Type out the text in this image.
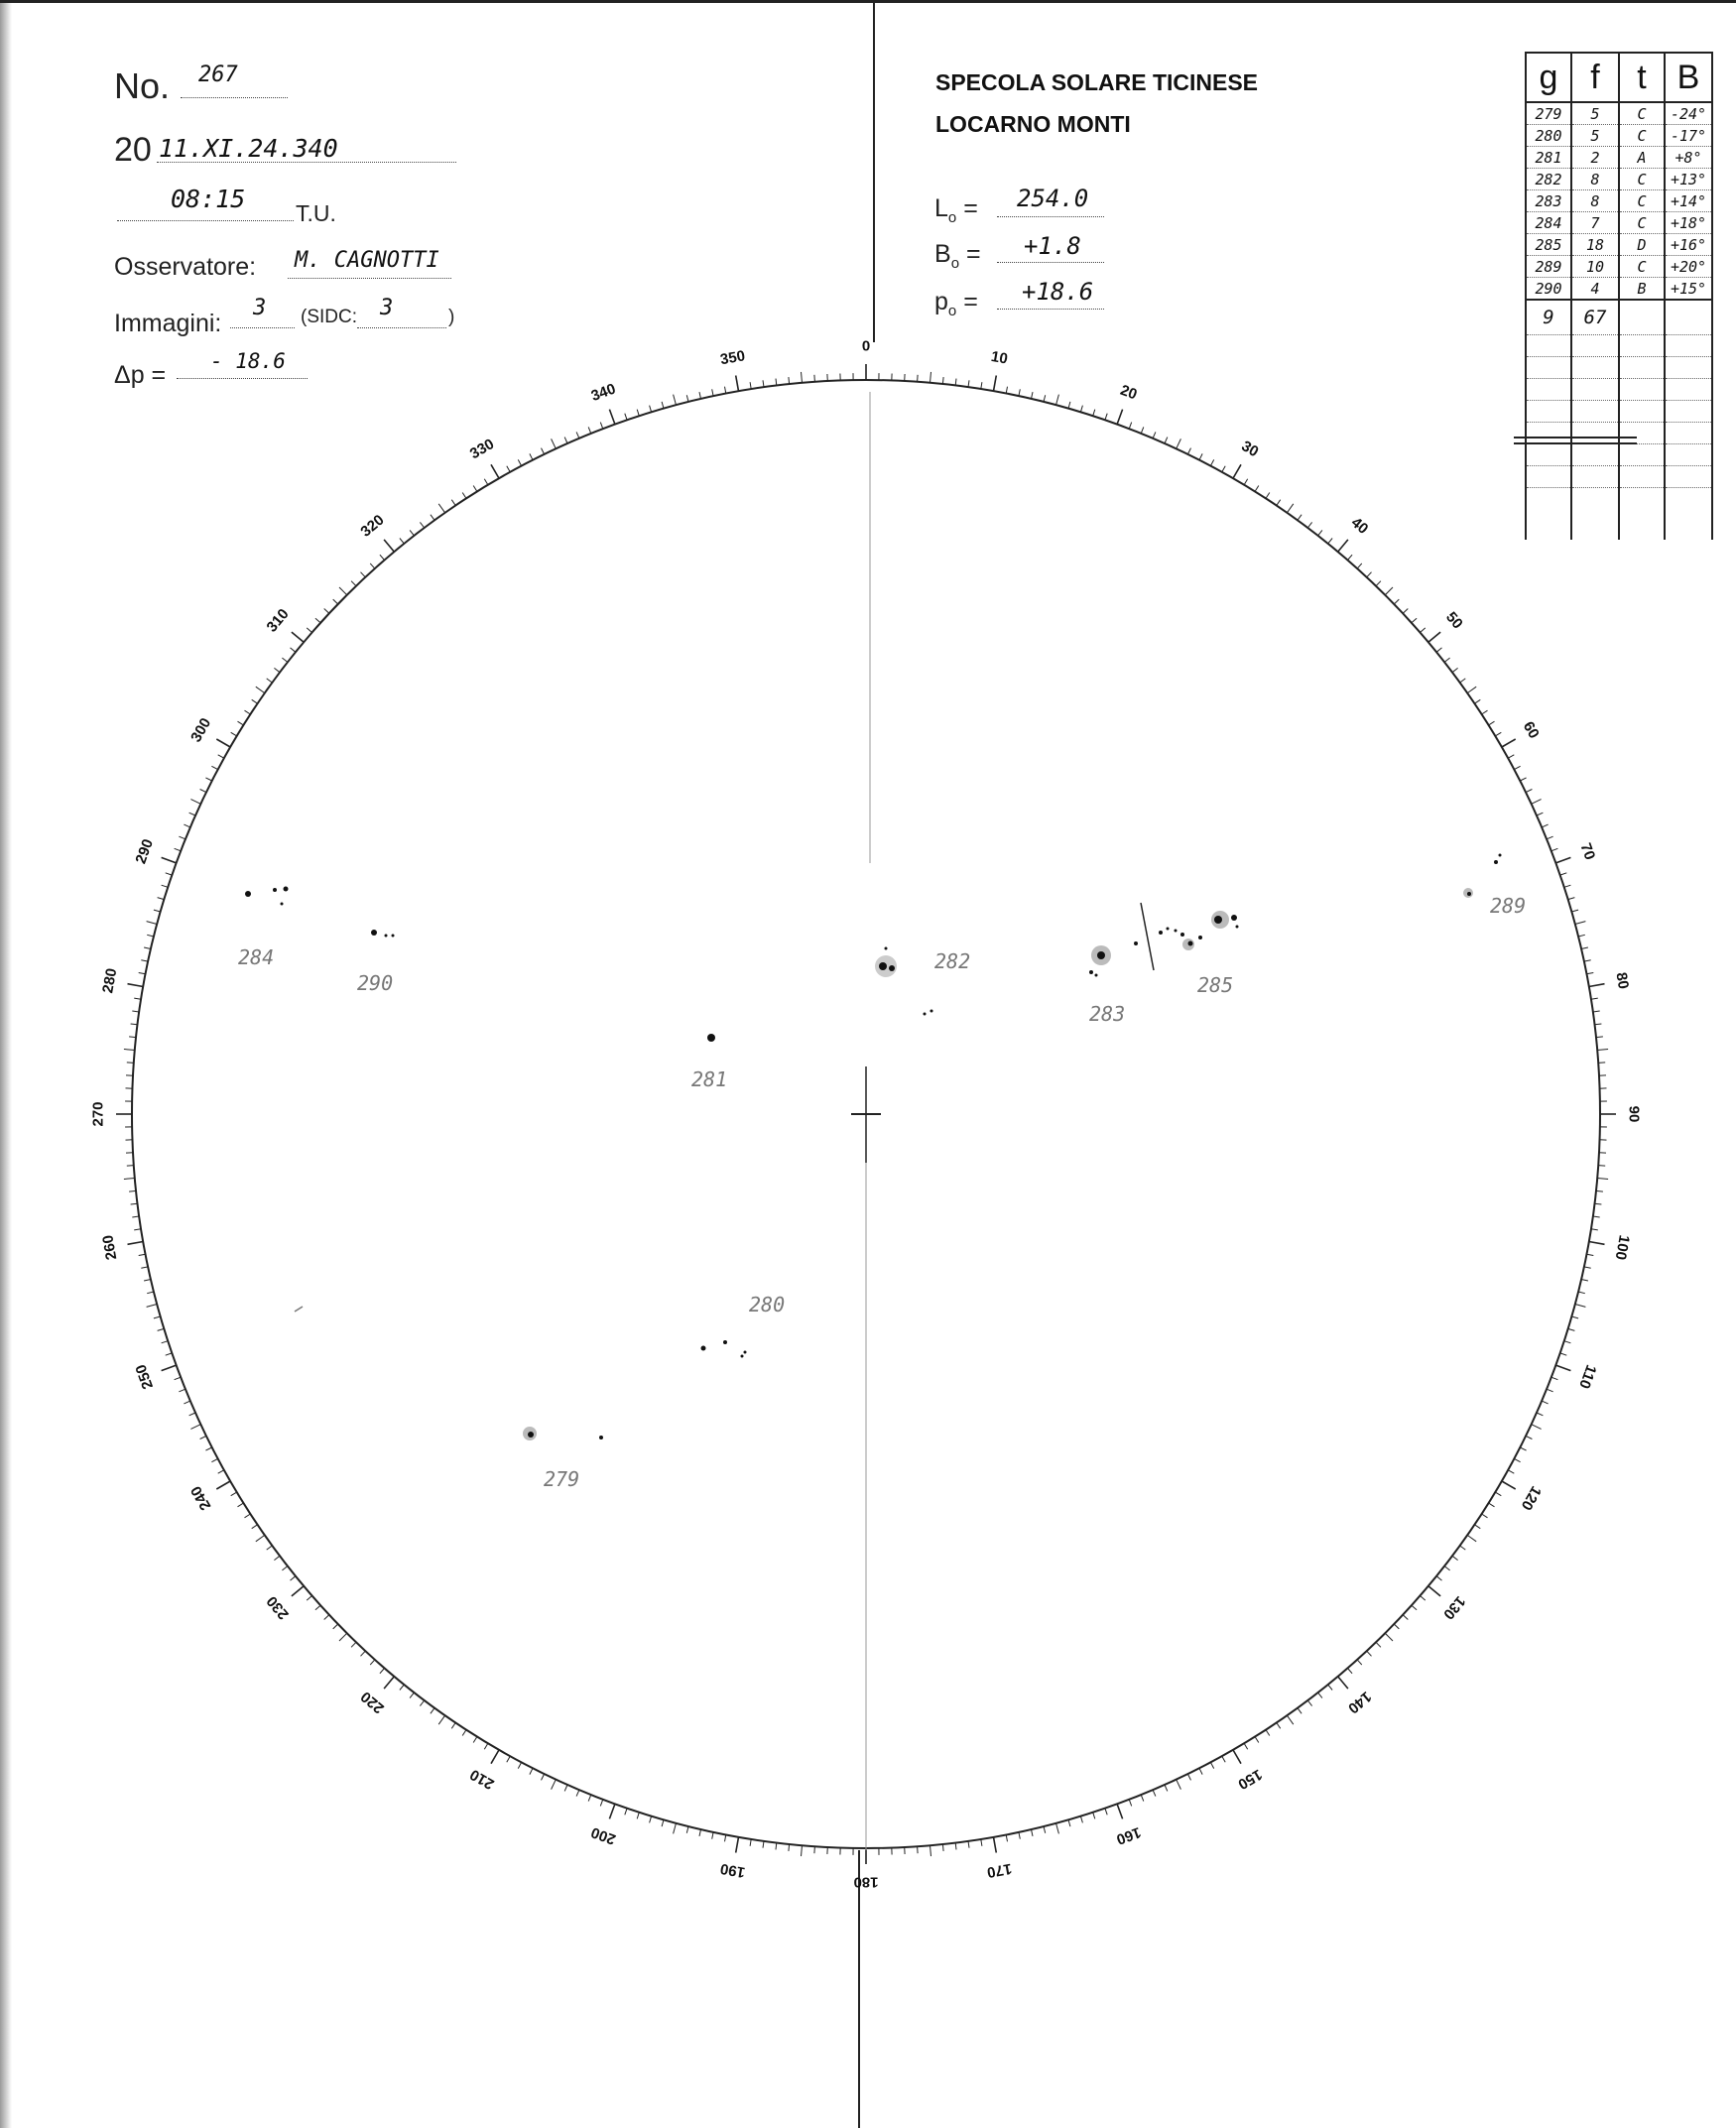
No. 267
20 11.XI.24.340
08:15 T.U.
Osservatore: M. CAGNOTTI
Immagini:
3 (SIDC: 3	)
Δp = - 18.6
SPECOLA SOLARE TICINESE
LOCARNO MONTI
$L_o = 254.0$
$B_o = +1.8$
$p_o = +18.6$
g	f	t	B
279	5	C	-24°
280	5	C	-17°
281	2	A	+8°
282	8	C	+13°
283	8	C	+14°
284	7	C	+18°
285	18	D	+16°
289	10	C	+20°
290	4	B	+15°
9	67		

0
10
20
30
40
50
60
70
80
90
100
110
120
130
140
150
160
170
180
190
200
210
220
230
240
250
260
270
280
290
300
310
320
330
340
350
284
290
282
283
285
289
281
280
279
